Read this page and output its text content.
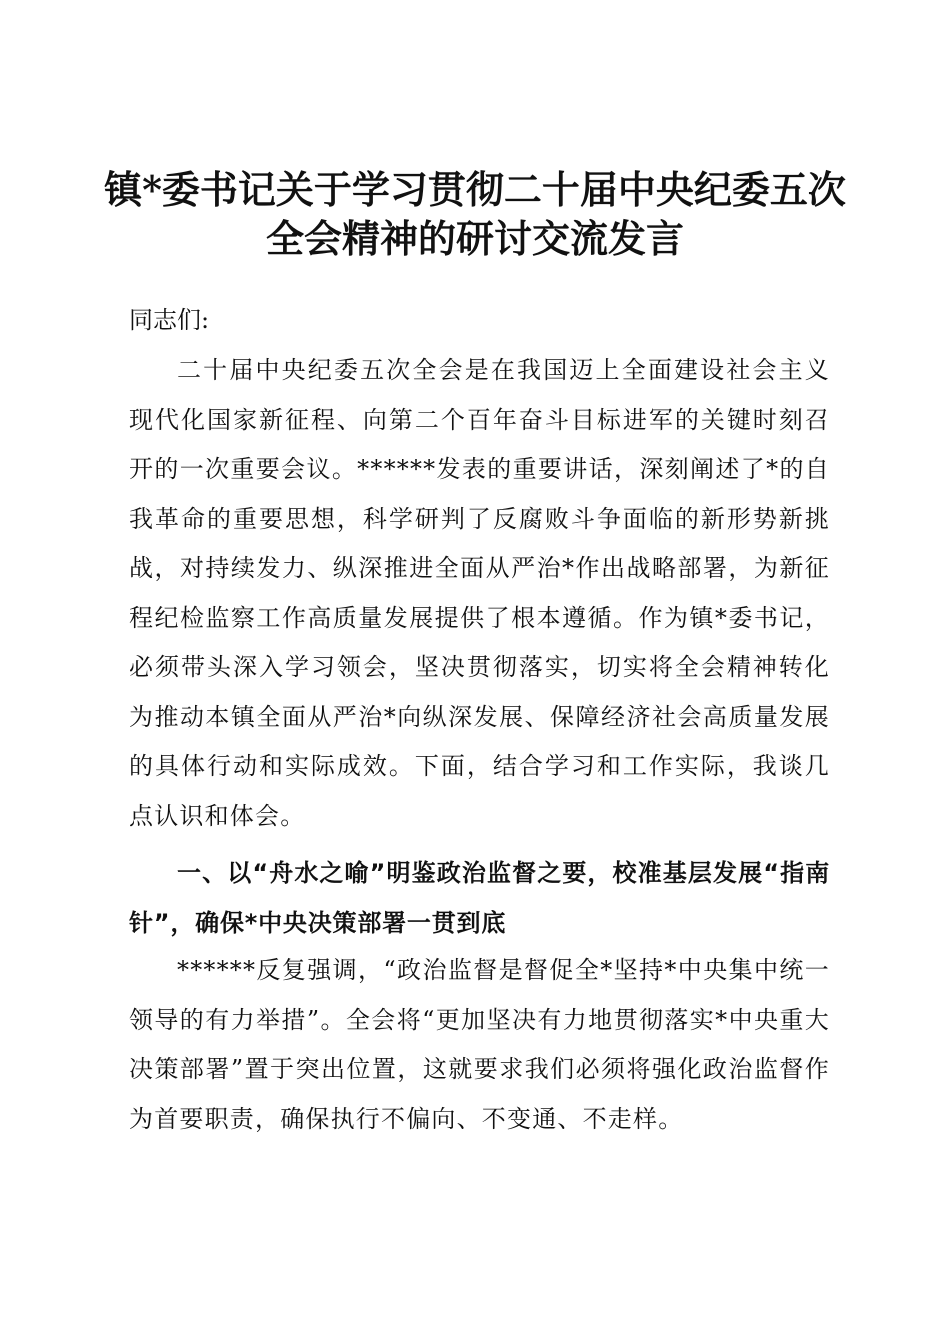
镇*委书记关于学习贯彻二十届中央纪委五次
全会精神的研讨交流发言

同志们:

二十届中央纪委五次全会是在我国迈上全面建设社会主义现代化国家新征程、向第二个百年奋斗目标进军的关键时刻召开的一次重要会议。******发表的重要讲话，深刻阐述了*的自我革命的重要思想，科学研判了反腐败斗争面临的新形势新挑战，对持续发力、纵深推进全面从严治*作出战略部署，为新征程纪检监察工作高质量发展提供了根本遵循。作为镇*委书记，必须带头深入学习领会，坚决贯彻落实，切实将全会精神转化为推动本镇全面从严治*向纵深发展、保障经济社会高质量发展的具体行动和实际成效。下面，结合学习和工作实际，我谈几点认识和体会。

一、以“舟水之喻”明鉴政治监督之要，校准基层发展“指南针”，确保*中央决策部署一贯到底

******反复强调，“政治监督是督促全*坚持*中央集中统一领导的有力举措”。全会将“更加坚决有力地贯彻落实*中央重大决策部署”置于突出位置，这就要求我们必须将强化政治监督作为首要职责，确保执行不偏向、不变通、不走样。
